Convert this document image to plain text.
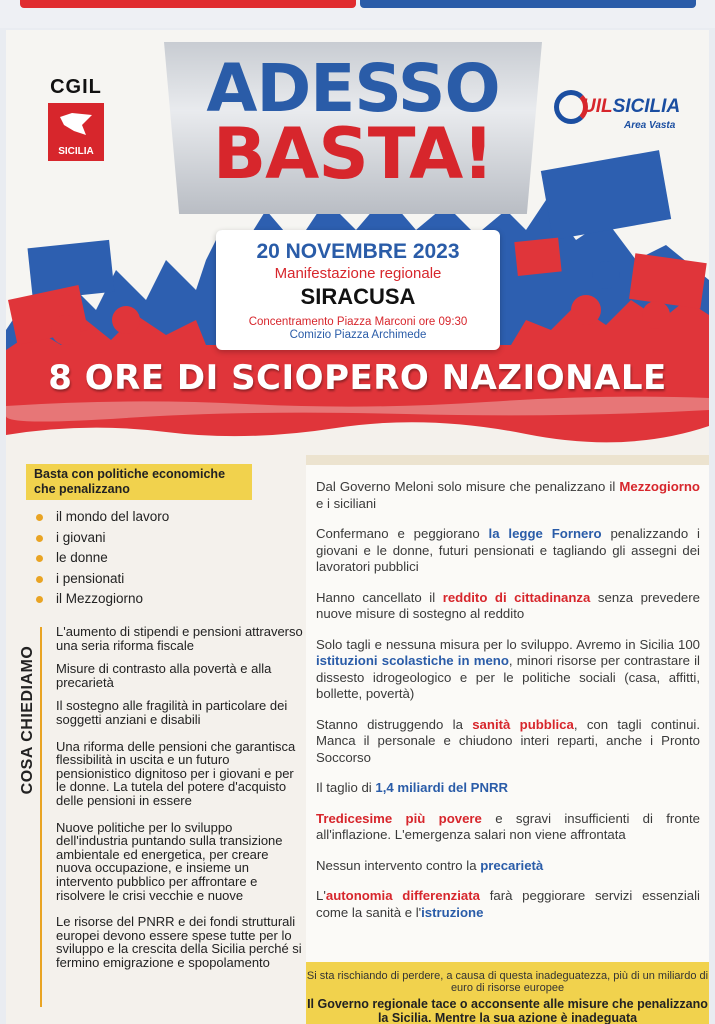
CGIL
SICILIA
UILSICILIA
Area Vasta
ADESSO
BASTA!
20 NOVEMBRE 2023
Manifestazione regionale
SIRACUSA
Concentramento Piazza Marconi ore 09:30
Comizio Piazza Archimede
8 ORE DI SCIOPERO NAZIONALE
Basta con politiche economiche che penalizzano
il mondo del lavoro
i giovani
le donne
i pensionati
il Mezzogiorno
COSA CHIEDIAMO

L'aumento di stipendi e pensioni attraverso una seria riforma fiscale

Misure di contrasto alla povertà e alla precarietà

Il sostegno alle fragilità in particolare dei soggetti anziani e disabili

Una riforma delle pensioni che garantisca flessibilità in uscita e un futuro pensionistico dignitoso per i giovani e per le donne. La tutela del potere d'acquisto delle pensioni in essere

Nuove politiche per lo sviluppo dell'industria puntando sulla transizione ambientale ed energetica, per creare nuova occupazione, e insieme un intervento pubblico per affrontare e risolvere le crisi vecchie e nuove

Le risorse del PNRR e dei fondi strutturali europei devono essere spese tutte per lo sviluppo e la crescita della Sicilia perché si fermino emigrazione e spopolamento

Dal Governo Meloni solo misure che penalizzano il Mezzogiorno e i siciliani

Confermano e peggiorano la legge Fornero penalizzando i giovani e le donne, futuri pensionati e tagliando gli assegni dei lavoratori pubblici

Hanno cancellato il reddito di cittadinanza senza prevedere nuove misure di sostegno al reddito

Solo tagli e nessuna misura per lo sviluppo. Avremo in Sicilia 100 istituzioni scolastiche in meno, minori risorse per contrastare il dissesto idrogeologico e per le politiche sociali (casa, affitti, bollette, povertà)

Stanno distruggendo la sanità pubblica, con tagli continui. Manca il personale e chiudono interi reparti, anche i Pronto Soccorso

Il taglio di 1,4 miliardi del PNRR

Tredicesime più povere e sgravi insufficienti di fronte all'inflazione. L'emergenza salari non viene affrontata

Nessun intervento contro la precarietà

L'autonomia differenziata farà peggiorare servizi essenziali come la sanità e l'istruzione

Si sta rischiando di perdere, a causa di questa inadeguatezza, più di un miliardo di euro di risorse europee
Il Governo regionale tace o acconsente alle misure che penalizzano la Sicilia. Mentre la sua azione è inadeguata
